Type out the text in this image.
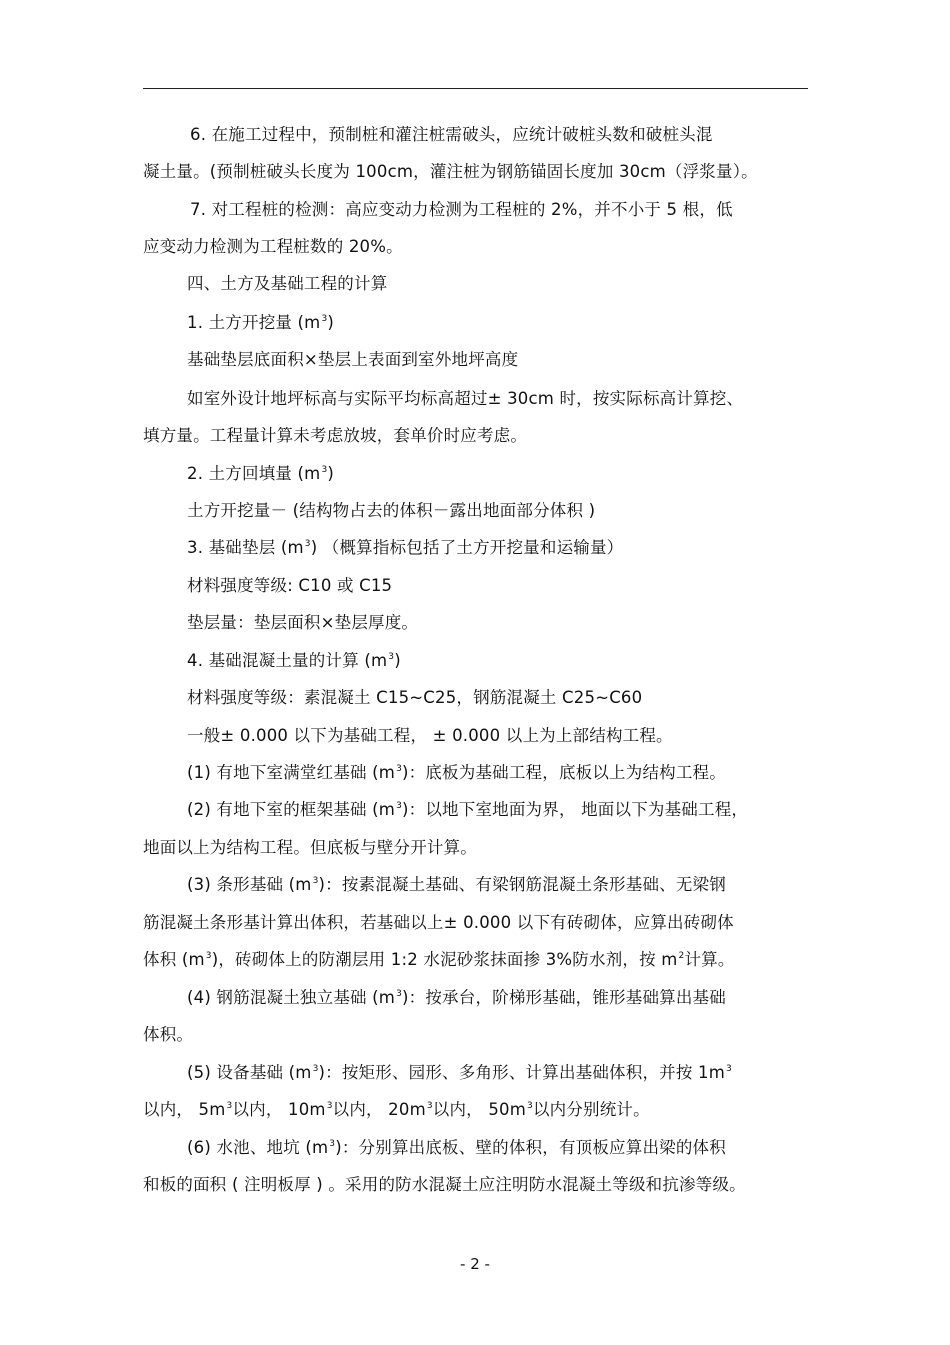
6. 在施工过程中，预制桩和灌注桩需破头，应统计破桩头数和破桩头混
凝土量。(预制桩破头长度为 100cm，灌注桩为钢筋锚固长度加 30cm（浮浆量）。
7. 对工程桩的检测：高应变动力检测为工程桩的 2%，并不小于 5 根，低
应变动力检测为工程桩数的 20%。
四、土方及基础工程的计算
1. 土方开挖量 $(m^3)$
基础垫层底面积×垫层上表面到室外地坪高度
如室外设计地坪标高与实际平均标高超过± 30cm 时，按实际标高计算挖、
填方量。工程量计算未考虑放坡，套单价时应考虑。
2. 土方回填量 $(m^3)$
土方开挖量－ (结构物占去的体积－露出地面部分体积 )
3. 基础垫层 $(m^3)$ （概算指标包括了土方开挖量和运输量）
材料强度等级: C10 或 C15
垫层量：垫层面积×垫层厚度。
4. 基础混凝土量的计算 $(m^3)$
材料强度等级：素混凝土 C15~C25，钢筋混凝土 C25~C60
一般± 0.000 以下为基础工程， ± 0.000 以上为上部结构工程。
(1) 有地下室满堂红基础 $(m^3)$：底板为基础工程，底板以上为结构工程。
(2) 有地下室的框架基础 $(m^3)$：以地下室地面为界， 地面以下为基础工程，
地面以上为结构工程。但底板与壁分开计算。
(3) 条形基础 $(m^3)$：按素混凝土基础、有梁钢筋混凝土条形基础、无梁钢
筋混凝土条形基计算出体积，若基础以上± 0.000 以下有砖砌体，应算出砖砌体
体积 $(m^3)$，砖砌体上的防潮层用 1:2 水泥砂浆抹面掺 3%防水剂，按 $m^2$计算。
(4) 钢筋混凝土独立基础 $(m^3)$：按承台，阶梯形基础，锥形基础算出基础
体积。
(5) 设备基础 $(m^3)$：按矩形、园形、多角形、计算出基础体积，并按 $1m^3$
以内， $5m^3$以内， $10m^3$以内， $20m^3$以内， $50m^3$以内分别统计。
(6) 水池、地坑 $(m^3)$：分别算出底板、壁的体积，有顶板应算出梁的体积
和板的面积 ( 注明板厚 ) 。采用的防水混凝土应注明防水混凝土等级和抗渗等级。
- 2 -
